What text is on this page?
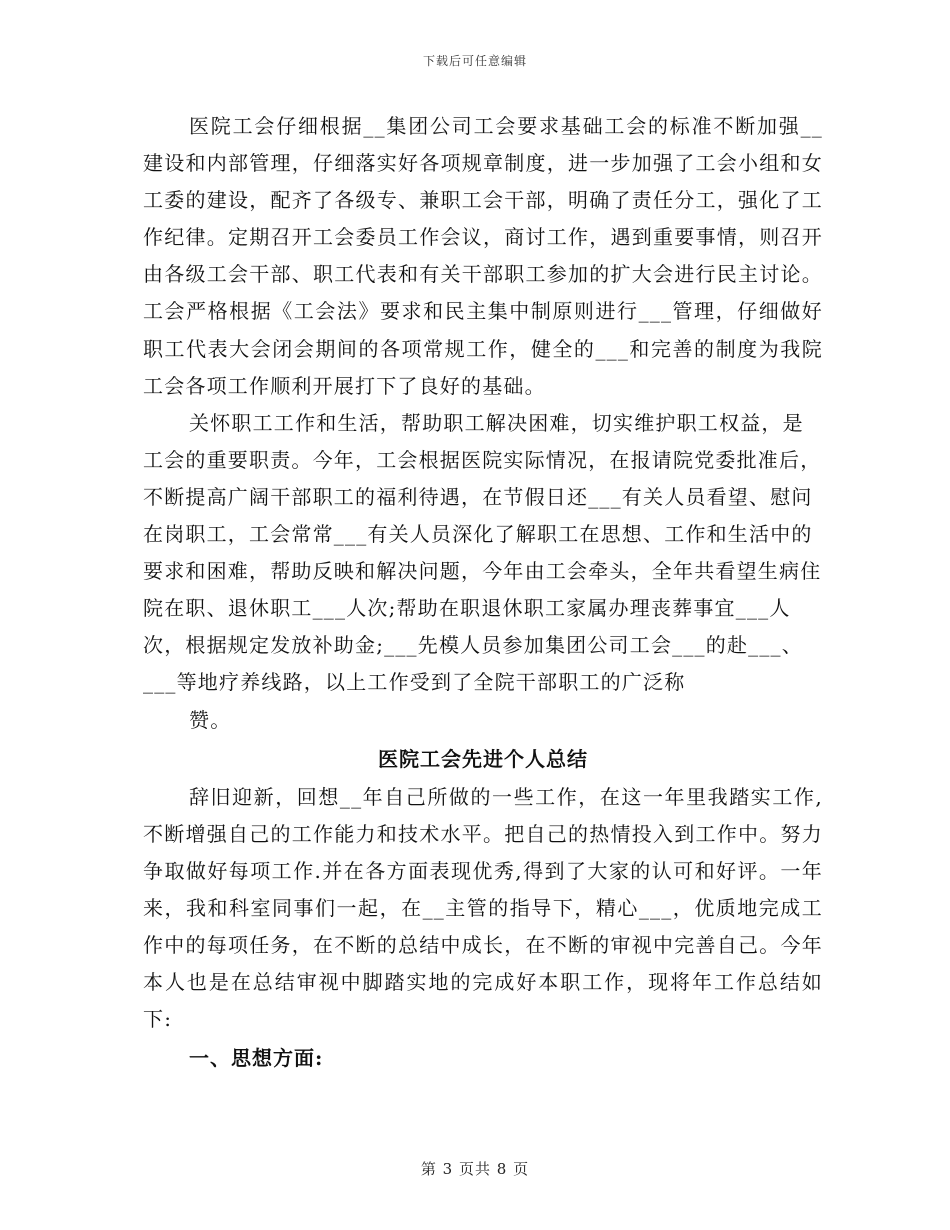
下载后可任意编辑

医院工会仔细根据__集团公司工会要求基础工会的标准不断加强__建设和内部管理，仔细落实好各项规章制度，进一步加强了工会小组和女工委的建设，配齐了各级专、兼职工会干部，明确了责任分工，强化了工作纪律。定期召开工会委员工作会议，商讨工作，遇到重要事情，则召开由各级工会干部、职工代表和有关干部职工参加的扩大会进行民主讨论。工会严格根据《工会法》要求和民主集中制原则进行___管理，仔细做好职工代表大会闭会期间的各项常规工作，健全的___和完善的制度为我院工会各项工作顺利开展打下了良好的基础。

关怀职工工作和生活，帮助职工解决困难，切实维护职工权益，是工会的重要职责。今年，工会根据医院实际情况，在报请院党委批准后，不断提高广阔干部职工的福利待遇，在节假日还___有关人员看望、慰问在岗职工，工会常常___有关人员深化了解职工在思想、工作和生活中的要求和困难，帮助反映和解决问题，今年由工会牵头，全年共看望生病住院在职、退休职工___人次;帮助在职退休职工家属办理丧葬事宜___人次，根据规定发放补助金;___先模人员参加集团公司工会___的赴___、___等地疗养线路，以上工作受到了全院干部职工的广泛称

赞。

医院工会先进个人总结

辞旧迎新，回想__年自己所做的一些工作，在这一年里我踏实工作,不断增强自己的工作能力和技术水平。把自己的热情投入到工作中。努力争取做好每项工作.并在各方面表现优秀,得到了大家的认可和好评。一年来，我和科室同事们一起，在__主管的指导下，精心___，优质地完成工作中的每项任务，在不断的总结中成长，在不断的审视中完善自己。今年本人也是在总结审视中脚踏实地的完成好本职工作，现将年工作总结如下:

一、思想方面:

第 3 页共 8 页
